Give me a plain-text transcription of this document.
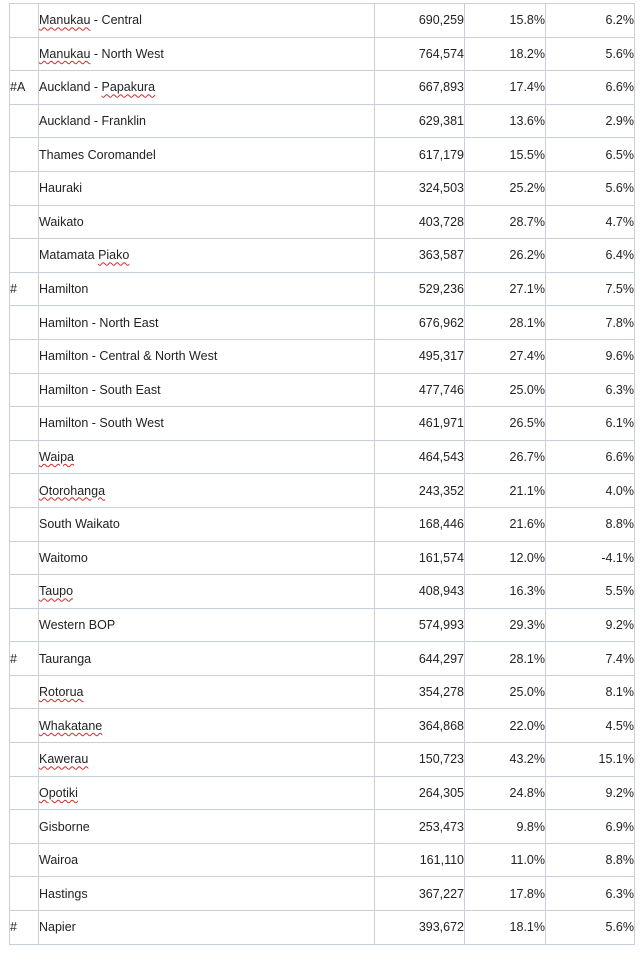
	Manukau - Central	690,259	15.8%	6.2%
	Manukau - North West	764,574	18.2%	5.6%
#A	Auckland - Papakura	667,893	17.4%	6.6%
	Auckland - Franklin	629,381	13.6%	2.9%
	Thames Coromandel	617,179	15.5%	6.5%
	Hauraki	324,503	25.2%	5.6%
	Waikato	403,728	28.7%	4.7%
	Matamata Piako	363,587	26.2%	6.4%
#	Hamilton	529,236	27.1%	7.5%
	Hamilton - North East	676,962	28.1%	7.8%
	Hamilton - Central & North West	495,317	27.4%	9.6%
	Hamilton - South East	477,746	25.0%	6.3%
	Hamilton - South West	461,971	26.5%	6.1%
	Waipa	464,543	26.7%	6.6%
	Otorohanga	243,352	21.1%	4.0%
	South Waikato	168,446	21.6%	8.8%
	Waitomo	161,574	12.0%	-4.1%
	Taupo	408,943	16.3%	5.5%
	Western BOP	574,993	29.3%	9.2%
#	Tauranga	644,297	28.1%	7.4%
	Rotorua	354,278	25.0%	8.1%
	Whakatane	364,868	22.0%	4.5%
	Kawerau	150,723	43.2%	15.1%
	Opotiki	264,305	24.8%	9.2%
	Gisborne	253,473	9.8%	6.9%
	Wairoa	161,110	11.0%	8.8%
	Hastings	367,227	17.8%	6.3%
#	Napier	393,672	18.1%	5.6%
